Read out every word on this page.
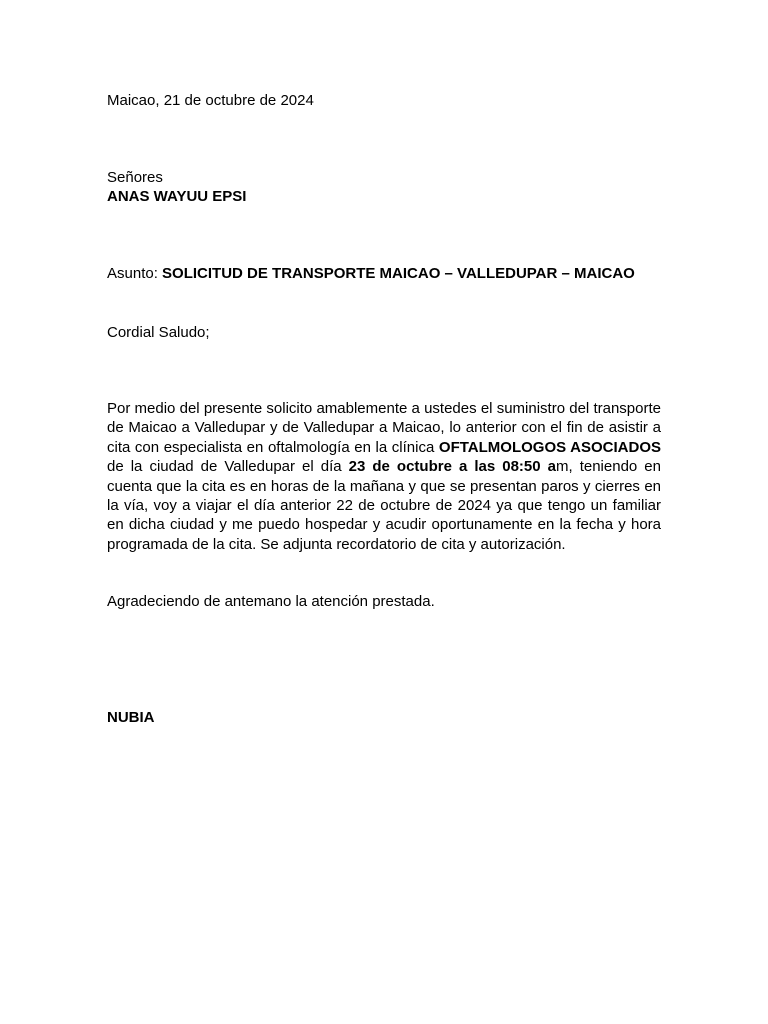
Maicao, 21 de octubre de 2024
Señores
ANAS WAYUU EPSI
Asunto: SOLICITUD DE TRANSPORTE MAICAO – VALLEDUPAR – MAICAO
Cordial Saludo;
Por medio del presente solicito amablemente a ustedes el suministro del transporte de Maicao a Valledupar y de Valledupar a Maicao, lo anterior con el fin de asistir a cita con especialista en oftalmología en la clínica OFTALMOLOGOS ASOCIADOS de la ciudad de Valledupar el día 23 de octubre a las 08:50 am, teniendo en cuenta que la cita es en horas de la mañana y que se presentan paros y cierres en la vía, voy a viajar el día anterior 22 de octubre de 2024 ya que tengo un familiar en dicha ciudad y me puedo hospedar y acudir oportunamente en la fecha y hora programada de la cita. Se adjunta recordatorio de cita y autorización.
Agradeciendo de antemano la atención prestada.
NUBIA
